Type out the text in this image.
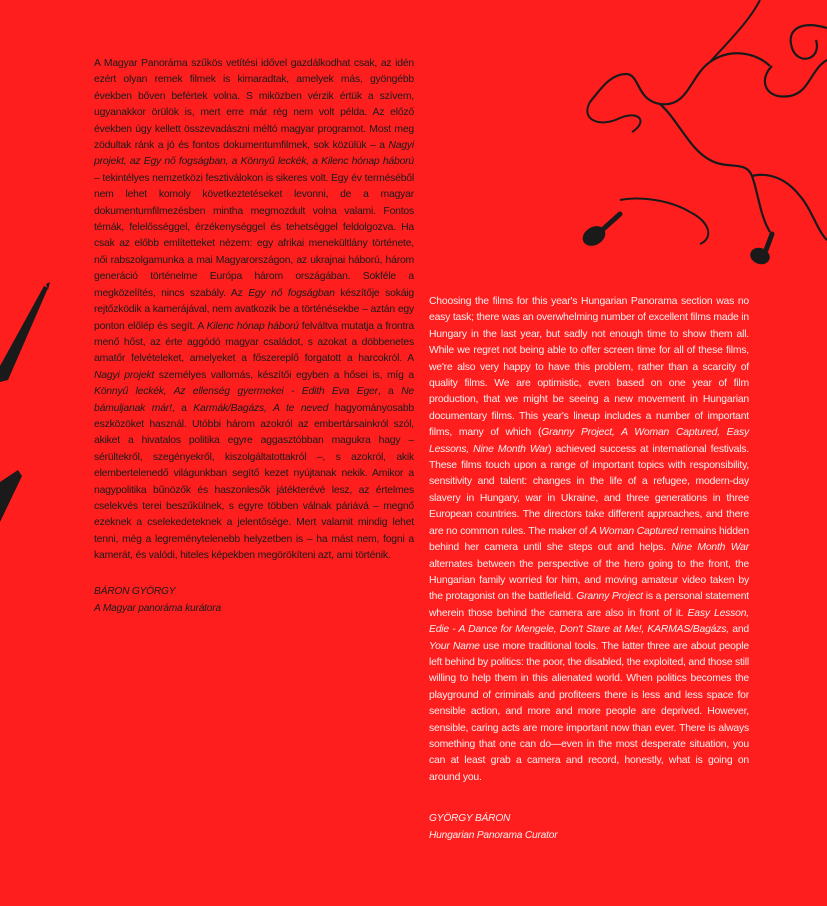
A Magyar Panoráma szűkös vetítési idővel gazdálkodhat csak, az idén ezért olyan remek filmek is kimaradtak, amelyek más, gyöngébb években bőven befértek volna. S miközben vérzik értük a szívem, ugyanakkor örülök is, mert erre már rég nem volt példa. Az előző években úgy kellett összevadászni méltó magyar programot. Most meg zödultak ránk a jó és fontos dokumentumfilmek, sok közülük – a Nagyi projekt, az Egy nő fogságban, a Könnyű leckék, a Kilenc hónap háború – tekintélyes nemzetközi fesztiválokon is sikeres volt. Egy év terméséből nem lehet komoly következtetéseket levonni, de a magyar dokumentumfilmezésben mintha megmozdult volna valami. Fontos témák, felelősséggel, érzékenységgel és tehetséggel feldolgozva. Ha csak az előbb említetteket nézem: egy afrikai menekültlány története, női rabszolgamunka a mai Magyarországon, az ukrajnai háború, három generáció történelme Európa három országában. Sokféle a megközelítés, nincs szabály. Az Egy nő fogságban készítője sokáig rejtőzködik a kamerájával, nem avatkozik be a történésekbe – aztán egy ponton előlép és segít. A Kilenc hónap háború felváltva mutatja a frontra menő hőst, az érte aggódó magyar családot, s azokat a döbbenetes amatőr felvételeket, amelyeket a főszereplő forgatott a harcokról. A Nagyi projekt személyes vallomás, készítői egyben a hősei is, míg a Könnyű leckék, Az ellenség gyermekei - Edith Eva Eger, a Ne bámuljanak már!, a Karmák/Bagázs, A te neved hagyományosabb eszközöket használ. Utóbbi három azokról az embertársainkról szól, akiket a hivatalos politika egyre aggasztóbban magukra hagy – sérültekről, szegényekről, kiszolgáltatottakról –, s azokról, akik elembertelenedő világunkban segítő kezet nyújtanak nekik. Amikor a nagypolitika bűnözők és haszonlesők játékterévé lesz, az értelmes cselekvés terei beszűkülnek, s egyre többen válnak páriává – megnő ezeknek a cselekedeteknek a jelentősége. Mert valamit mindig lehet tenni, még a legreménytelenebb helyzetben is – ha mást nem, fogni a kamerát, és valódi, hiteles képekben megörökíteni azt, ami történik.

BÁRON GYÖRGY
A Magyar panoráma kurátora

Choosing the films for this year's Hungarian Panorama section was no easy task; there was an overwhelming number of excellent films made in Hungary in the last year, but sadly not enough time to show them all. While we regret not being able to offer screen time for all of these films, we're also very happy to have this problem, rather than a scarcity of quality films. We are optimistic, even based on one year of film production, that we might be seeing a new movement in Hungarian documentary films. This year's lineup includes a number of important films, many of which (Granny Project, A Woman Captured, Easy Lessons, Nine Month War) achieved success at international festivals. These films touch upon a range of important topics with responsibility, sensitivity and talent: changes in the life of a refugee, modern-day slavery in Hungary, war in Ukraine, and three generations in three European countries. The directors take different approaches, and there are no common rules. The maker of A Woman Captured remains hidden behind her camera until she steps out and helps. Nine Month War alternates between the perspective of the hero going to the front, the Hungarian family worried for him, and moving amateur video taken by the protagonist on the battlefield. Granny Project is a personal statement wherein those behind the camera are also in front of it. Easy Lesson, Edie - A Dance for Mengele, Don't Stare at Me!, KARMAS/Bagázs, and Your Name use more traditional tools. The latter three are about people left behind by politics: the poor, the disabled, the exploited, and those still willing to help them in this alienated world. When politics becomes the playground of criminals and profiteers there is less and less space for sensible action, and more and more people are deprived. However, sensible, caring acts are more important now than ever. There is always something that one can do—even in the most desperate situation, you can at least grab a camera and record, honestly, what is going on around you.

GYÖRGY BÁRON
Hungarian Panorama Curator
